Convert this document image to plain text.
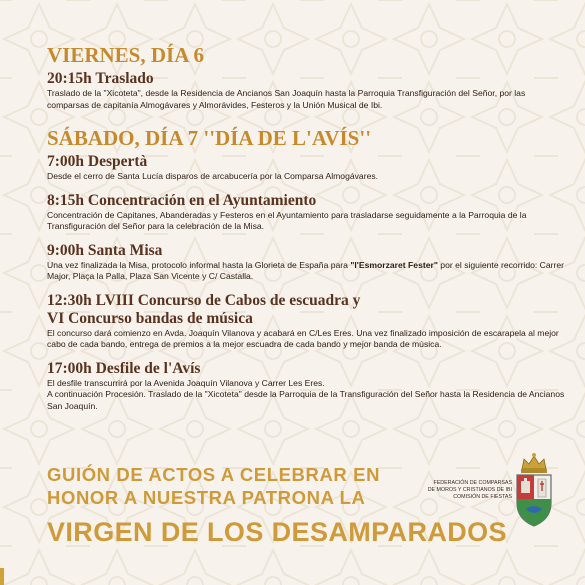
VIERNES, DÍA 6

20:15h Traslado

Traslado de la "Xicoteta", desde la Residencia de Ancianos San Joaquín hasta la Parroquia Transfiguración del Señor, por las comparsas de capitanía Almogávares y Almorávides, Festeros y la Unión Musical de Ibi.

SÁBADO, DÍA 7 ''DÍA DE L'AVÍS''

7:00h Despertà

Desde el cerro de Santa Lucía disparos de arcabucería por la Comparsa Almogávares.

8:15h Concentración en el Ayuntamiento

Concentración de Capitanes, Abanderadas y Festeros en el Ayuntamiento para trasladarse seguidamente a la Parroquia de la Transfiguración del Señor para la celebración de la Misa.

9:00h Santa Misa

Una vez finalizada la Misa, protocolo informal hasta la Glorieta de España para "l'Esmorzaret Fester" por el siguiente recorrido: Carrer Major, Plaça la Palla, Plaza San Vicente y C/ Castalla.

12:30h LVIII Concurso de Cabos de escuadra y

VI Concurso bandas de música

El concurso dará comienzo en Avda. Joaquín Vilanova y acabará en C/Les Eres. Una vez finalizado imposición de escarapela al mejor cabo de cada bando, entrega de premios a la mejor escuadra de cada bando y mejor banda de música.

17:00h Desfile de l'Avís

El desfile transcurrirá por la Avenida Joaquín Vilanova y Carrer Les Eres.

A continuación Procesión. Traslado de la "Xicoteta" desde la Parroquia de la Transfiguración del Señor hasta la Residencia de Ancianos San Joaquín.

GUIÓN DE ACTOS A CELEBRAR EN

HONOR A NUESTRA PATRONA LA

VIRGEN DE LOS DESAMPARADOS

FEDERACIÓN DE COMPARSAS

DE MOROS Y CRISTIANOS DE IBI

COMISIÓN DE FIESTAS
